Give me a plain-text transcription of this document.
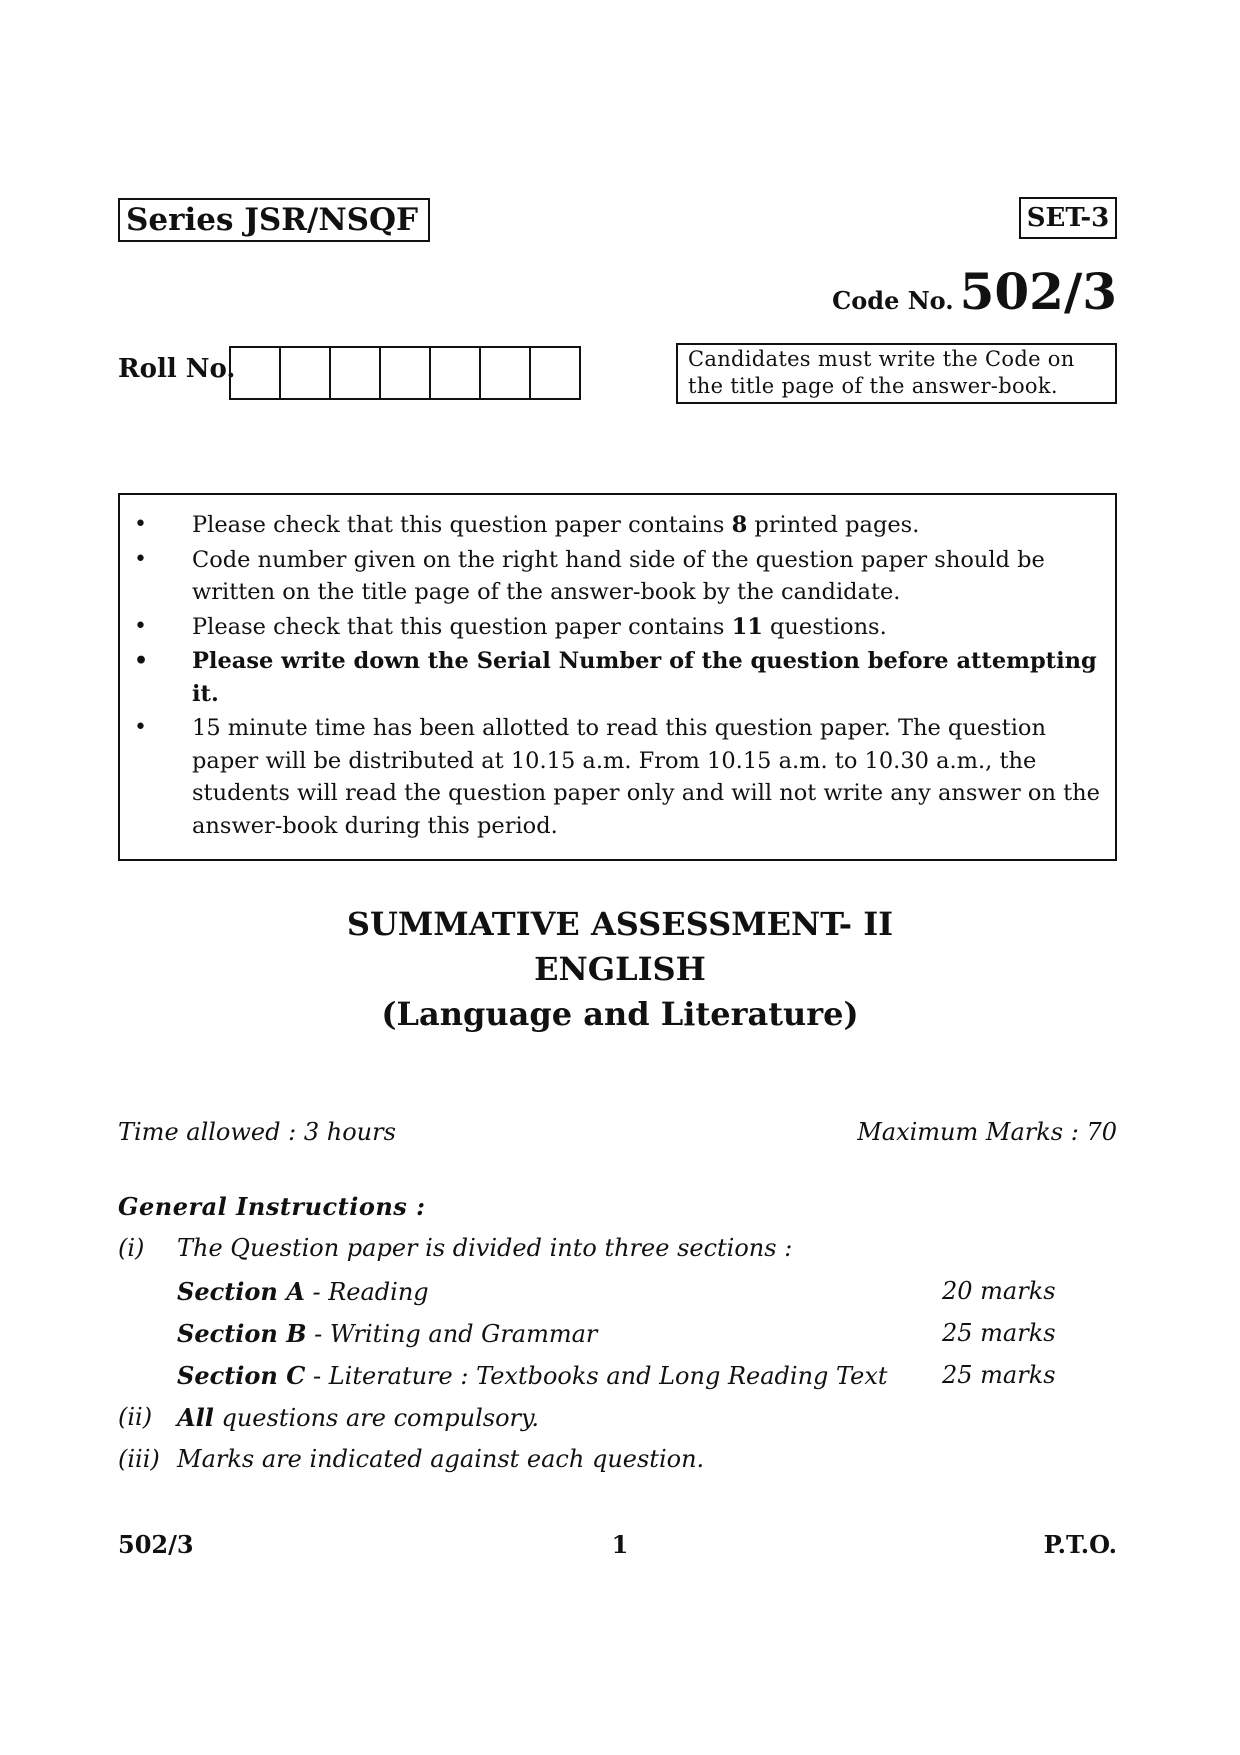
Series JSR/NSQF	SET-3
Code No. 502/3
Roll No.	Candidates must write the Code on the title page of the answer-book.
• Please check that this question paper contains 8 printed pages.
• Code number given on the right hand side of the question paper should be written on the title page of the answer-book by the candidate.
• Please check that this question paper contains 11 questions.
• Please write down the Serial Number of the question before attempting it.
• 15 minute time has been allotted to read this question paper. The question paper will be distributed at 10.15 a.m. From 10.15 a.m. to 10.30 a.m., the students will read the question paper only and will not write any answer on the answer-book during this period.
SUMMATIVE ASSESSMENT- II
ENGLISH
(Language and Literature)
Time allowed : 3 hours	Maximum Marks : 70
General Instructions :
(i) The Question paper is divided into three sections :
Section A - Reading	20 marks
Section B - Writing and Grammar	25 marks
Section C - Literature : Textbooks and Long Reading Text 25 marks
(ii) All questions are compulsory.
(iii) Marks are indicated against each question.
502/3	1	P.T.O.
